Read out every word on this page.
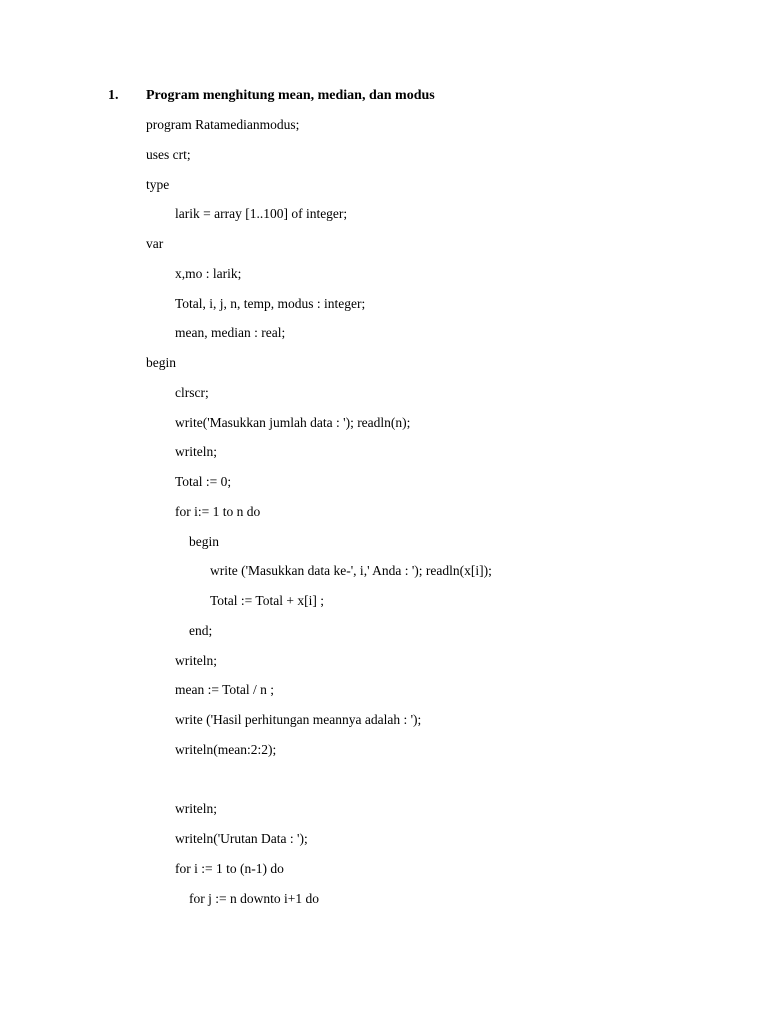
1. Program menghitung mean, median, dan modus
program Ratamedianmodus;
uses crt;
type
larik = array [1..100] of integer;
var
x,mo : larik;
Total, i, j, n, temp, modus : integer;
mean, median : real;
begin
clrscr;
write('Masukkan jumlah data : '); readln(n);
writeln;
Total := 0;
for i:= 1 to n do
begin
write ('Masukkan data ke-', i,' Anda : '); readln(x[i]);
Total := Total + x[i] ;
end;
writeln;
mean := Total / n ;
write ('Hasil perhitungan meannya adalah : ');
writeln(mean:2:2);
writeln;
writeln('Urutan Data : ');
for i := 1 to (n-1) do
for j := n downto i+1 do
